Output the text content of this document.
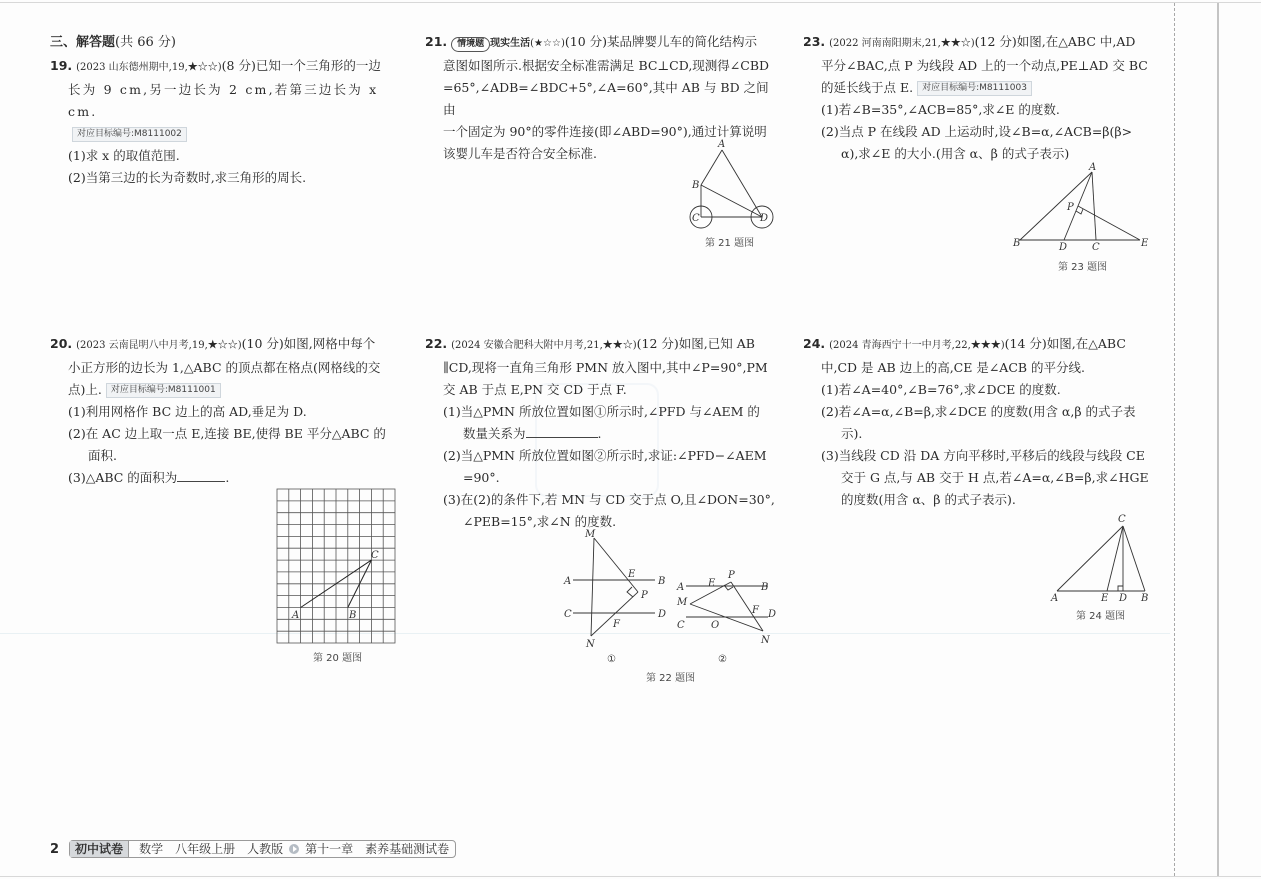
三、解答题(共 66 分)

19. (2023 山东德州期中,19,★☆☆)(8 分)已知一个三角形的一边

长为 9 cm,另一边长为 2 cm,若第三边长为 x cm.

对应目标编号:M8111002

(1)求 x 的取值范围.

(2)当第三边的长为奇数时,求三角形的周长.

20. (2023 云南昆明八中月考,19,★☆☆)(10 分)如图,网格中每个

小正方形的边长为 1,△ABC 的顶点都在格点(网格线的交

点)上. 对应目标编号:M8111001

(1)利用网格作 BC 边上的高 AD,垂足为 D.

(2)在 AC 边上取一点 E,连接 BE,使得 BE 平分△ABC 的

面积.

(3)△ABC 的面积为	.

A	B
C
第 20 题图

21. 情境题 现实生活(★☆☆)(10 分)某品牌婴儿车的简化结构示

意图如图所示.根据安全标准需满足 BC⊥CD,现测得∠CBD

=65°,∠ADB=∠BDC+5°,∠A=60°,其中 AB 与 BD 之间由

一个固定为 90°的零件连接(即∠ABD=90°),通过计算说明

该婴儿车是否符合安全标准.

A
B
C	D
第 21 题图

22. (2024 安徽合肥科大附中月考,21,★★☆)(12 分)如图,已知 AB

∥CD,现将一直角三角形 PMN 放入图中,其中∠P=90°,PM

交 AB 于点 E,PN 交 CD 于点 F.

(1)当△PMN 所放位置如图①所示时,∠PFD 与∠AEM 的

数量关系为	.

(2)当△PMN 所放位置如图②所示时,求证:∠PFD−∠AEM

=90°.

(3)在(2)的条件下,若 MN 与 CD 交于点 O,且∠DON=30°,

∠PEB=15°,求∠N 的度数.

M
A
E
B
P
C	D
F
N
A E
P
B
M
F D
C	O
N
①	②
第 22 题图

23. (2022 河南南阳期末,21,★★☆)(12 分)如图,在△ABC 中,AD

平分∠BAC,点 P 为线段 AD 上的一个动点,PE⊥AD 交 BC

的延长线于点 E. 对应目标编号:M8111003

(1)若∠B=35°,∠ACB=85°,求∠E 的度数.

(2)当点 P 在线段 AD 上运动时,设∠B=α,∠ACB=β(β>

α),求∠E 的大小.(用含 α、β 的式子表示)

A
P
B	D C	E
第 23 题图

24. (2024 青海西宁十一中月考,22,★★★)(14 分)如图,在△ABC

中,CD 是 AB 边上的高,CE 是∠ACB 的平分线.

(1)若∠A=40°,∠B=76°,求∠DCE 的度数.

(2)若∠A=α,∠B=β,求∠DCE 的度数(用含 α,β 的式子表

示).

(3)当线段 CD 沿 DA 方向平移时,平移后的线段与线段 CE

交于 G 点,与 AB 交于 H 点,若∠A=α,∠B=β,求∠HGE

的度数(用含 α、β 的式子表示).

C
A	E D B
第 24 题图
2	初中试卷	数学 八年级上册 人教版 第十一章 素养基础测试卷
